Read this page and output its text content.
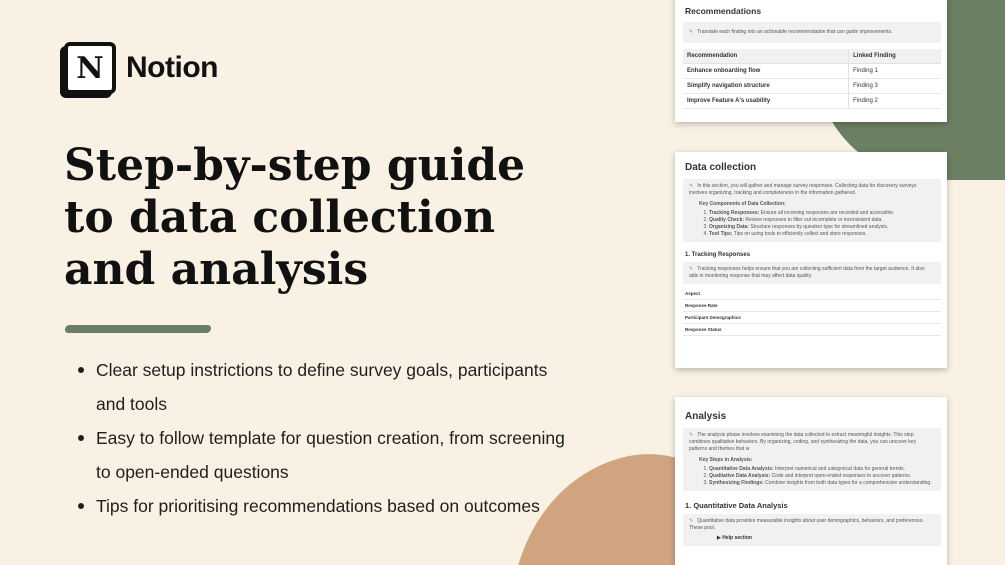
N Notion
Step-by-step guide to data collection and analysis
Clear setup instrictions to define survey goals, participants and tools
Easy to follow template for question creation, from screening to open-ended questions
Tips for prioritising recommendations based on outcomes
Recommendations
✎ Translate each finding into an actionable recommendation that can guide improvements.
Recommendation	Linked Finding
Enhance onboarding flow	Finding 1
Simplify navigation structure	Finding 3
Improve Feature A's usability	Finding 2
Data collection
✎ In this section, you will gather and manage survey responses. Collecting data for discovery surveys involves organizing, tracking and completeness in the information gathered.
Key Components of Data Collection:
1. Tracking Responses: Ensure all incoming responses are recorded and accessible.
2. Quality Check: Review responses to filter out incomplete or inconsistent data.
3. Organizing Data: Structure responses by question type for streamlined analysis.
4. Tool Tips: Tips on using tools to efficiently collect and store responses.
1. Tracking Responses
✎ Tracking responses helps ensure that you are collecting sufficient data from the target audience. It also aids in monitoring response that may affect data quality.
Aspect
Response Rate
Participant Demographics
Response Status
Analysis
✎ The analysis phase involves examining the data collected to extract meaningful insights. This step combines qualitative behaviors. By organizing, coding, and synthesizing the data, you can uncover key patterns and themes that w
Key Steps in Analysis:
1. Quantitative Data Analysis: Interpret numerical and categorical data for general trends.
2. Qualitative Data Analysis: Code and interpret open-ended responses to uncover patterns.
3. Synthesizing Findings: Combine insights from both data types for a comprehensive understanding.
1. Quantitative Data Analysis
✎ Quantitative data provides measurable insights about user demographics, behaviors, and preferences. These pool.
▶ Help section
